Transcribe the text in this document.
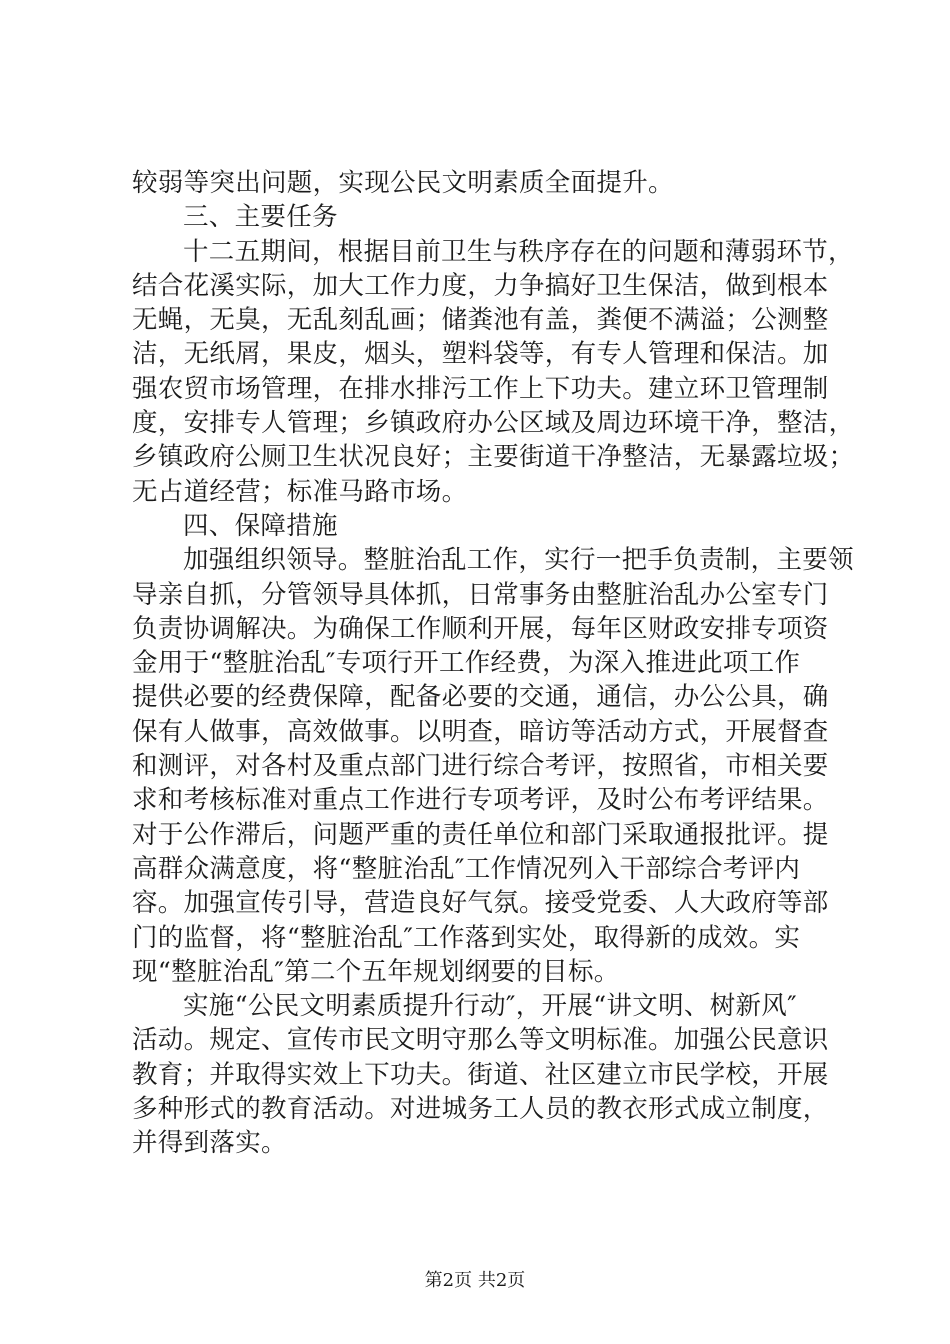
较弱等突出问题，实现公民文明素质全面提升。
三、主要任务
十二五期间，根据目前卫生与秩序存在的问题和薄弱环节，
结合花溪实际，加大工作力度，力争搞好卫生保洁，做到根本
无蝇，无臭，无乱刻乱画；储粪池有盖，粪便不满溢；公测整
洁，无纸屑，果皮，烟头，塑料袋等，有专人管理和保洁。加
强农贸市场管理，在排水排污工作上下功夫。建立环卫管理制
度，安排专人管理；乡镇政府办公区域及周边环境干净，整洁，
乡镇政府公厕卫生状况良好；主要街道干净整洁，无暴露垃圾；
无占道经营；标准马路市场。
四、保障措施
加强组织领导。整脏治乱工作，实行一把手负责制，主要领
导亲自抓，分管领导具体抓，日常事务由整脏治乱办公室专门
负责协调解决。为确保工作顺利开展，每年区财政安排专项资
金用于“整脏治乱″专项行开工作经费，为深入推进此项工作
提供必要的经费保障，配备必要的交通，通信，办公公具，确
保有人做事，高效做事。以明查，暗访等活动方式，开展督查
和测评，对各村及重点部门进行综合考评，按照省，市相关要
求和考核标准对重点工作进行专项考评，及时公布考评结果。
对于公作滞后，问题严重的责任单位和部门采取通报批评。提
高群众满意度，将“整脏治乱″工作情况列入干部综合考评内
容。加强宣传引导，营造良好气氛。接受党委、人大政府等部
门的监督，将“整脏治乱″工作落到实处，取得新的成效。实
现“整脏治乱″第二个五年规划纲要的目标。
实施“公民文明素质提升行动″，开展“讲文明、树新风″
活动。规定、宣传市民文明守那么等文明标准。加强公民意识
教育；并取得实效上下功夫。街道、社区建立市民学校，开展
多种形式的教育活动。对进城务工人员的教衣形式成立制度，
并得到落实。
第2页 共2页
